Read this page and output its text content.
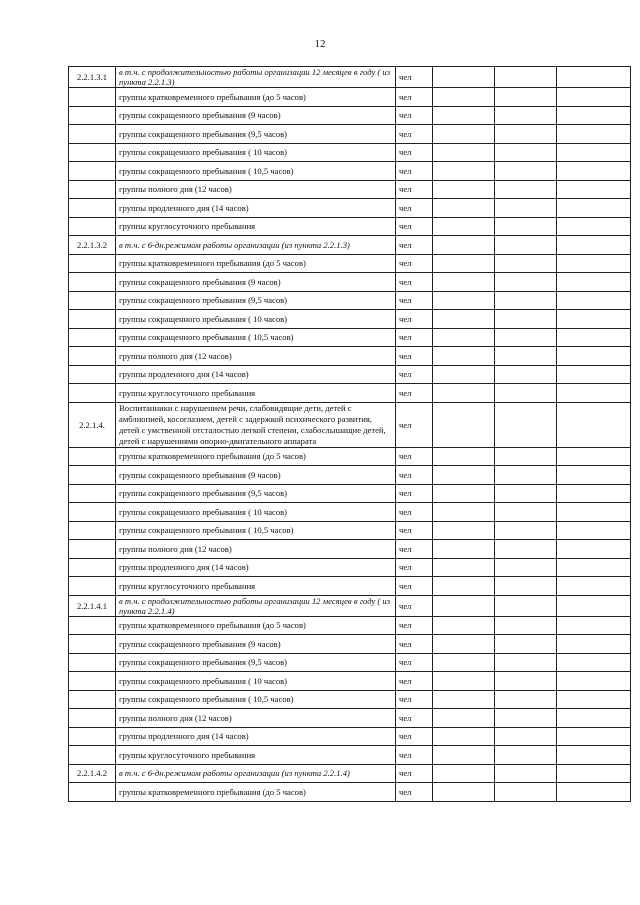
12
2.2.1.3.1	в т.ч. с продолжительностью работы организации 12 месяцев в году ( из пункта 2.2.1.3)	чел			
	группы кратковременного пребывания (до 5 часов)	чел			
	группы сокращенного пребывания (9 часов)	чел			
	группы сокращенного пребывания (9,5 часов)	чел			
	группы сокращенного пребывания ( 10 часов)	чел			
	группы сокращенного пребывания ( 10,5 часов)	чел			
	группы полного дня (12 часов)	чел			
	группы продленного дня (14 часов)	чел			
	группы круглосуточного пребывания	чел			
2.2.1.3.2	в т.ч. с 6-дн.режимом работы организации (из пункта 2.2.1.3)	чел			
	группы кратковременного пребывания (до 5 часов)	чел			
	группы сокращенного пребывания (9 часов)	чел			
	группы сокращенного пребывания (9,5 часов)	чел			
	группы сокращенного пребывания ( 10 часов)	чел			
	группы сокращенного пребывания ( 10,5 часов)	чел			
	группы полного дня (12 часов)	чел			
	группы продленного дня (14 часов)	чел			
	группы круглосуточного пребывания	чел			
2.2.1.4.	Воспитанники с нарушением речи, слабовидящие дети, детей с амблиопией, косоглазием, детей с задержкой психического развития, детей с умственной отсталостью легкой степени, слабослышащие детей, детей с нарушениями опорно-двигательного аппарата	чел			
	группы кратковременного пребывания (до 5 часов)	чел			
	группы сокращенного пребывания (9 часов)	чел			
	группы сокращенного пребывания (9,5 часов)	чел			
	группы сокращенного пребывания ( 10 часов)	чел			
	группы сокращенного пребывания ( 10,5 часов)	чел			
	группы полного дня (12 часов)	чел			
	группы продленного дня (14 часов)	чел			
	группы круглосуточного пребывания	чел			
2.2.1.4.1	в т.ч. с продолжительностью работы организации 12 месяцев в году ( из пункта 2.2.1.4)	чел			
	группы кратковременного пребывания (до 5 часов)	чел			
	группы сокращенного пребывания (9 часов)	чел			
	группы сокращенного пребывания (9,5 часов)	чел			
	группы сокращенного пребывания ( 10 часов)	чел			
	группы сокращенного пребывания ( 10,5 часов)	чел			
	группы полного дня (12 часов)	чел			
	группы продленного дня (14 часов)	чел			
	группы круглосуточного пребывания	чел			
2.2.1.4.2	в т.ч. с 6-дн.режимом работы организации (из пункта 2.2.1.4)	чел			
	группы кратковременного пребывания (до 5 часов)	чел			
